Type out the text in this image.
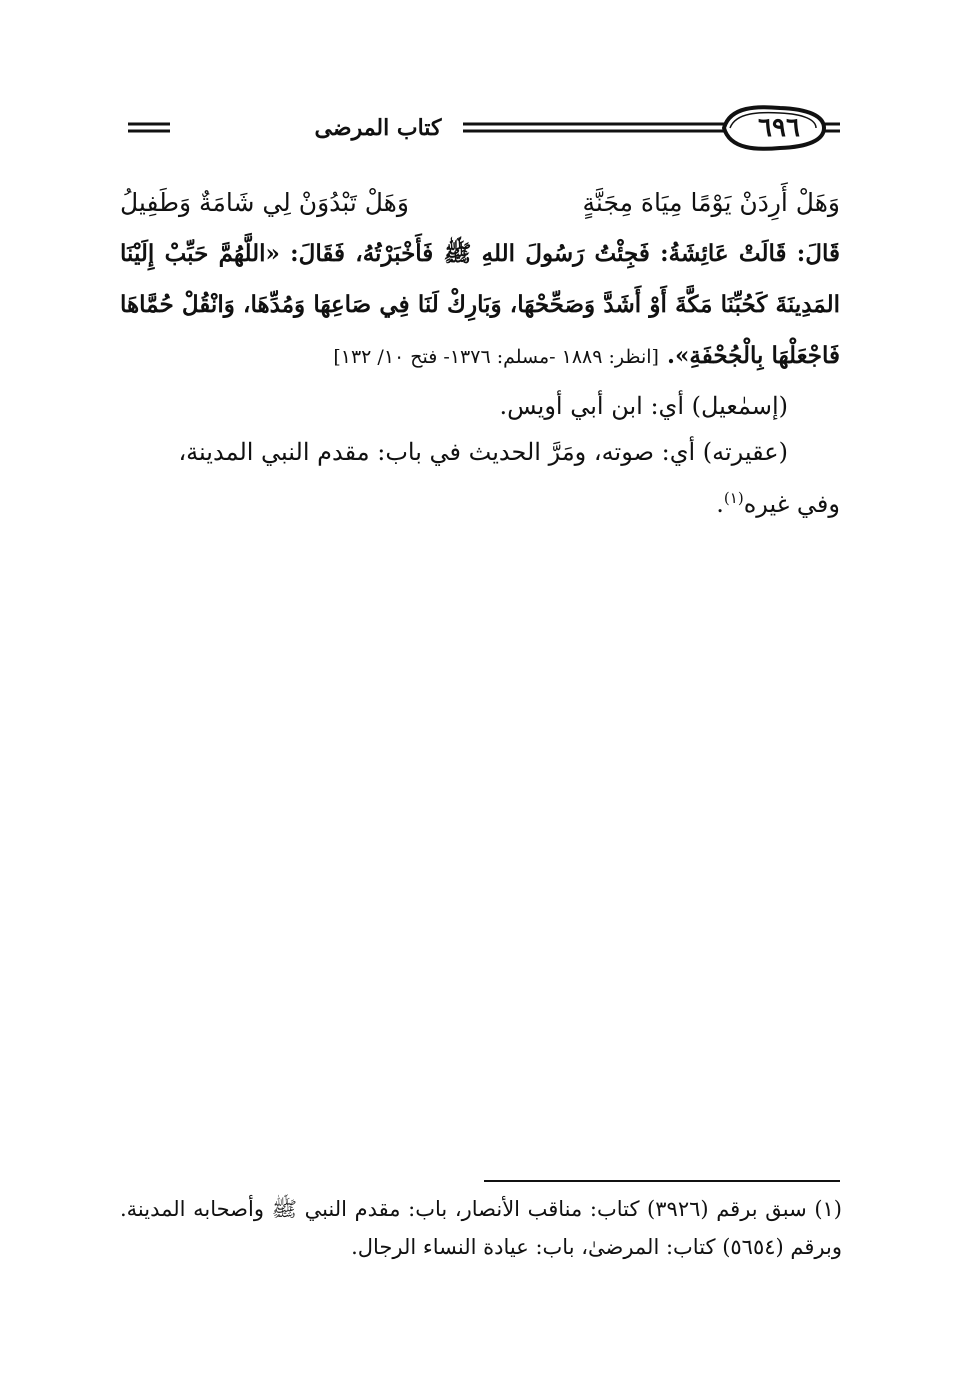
٦٩٦
كتاب المرضى
وَهَلْ أَرِدَنْ يَوْمًا مِيَاهَ مِجَنَّةٍ
وَهَلْ تَبْدُوَنْ لِي شَامَةٌ وَطَفِيلُ

قَالَ: قَالَتْ عَائِشَةُ: فَجِئْتُ رَسُولَ اللهِ ﷺ فَأَخْبَرْتُهُ، فَقَالَ: «اللَّهُمَّ حَبِّبْ إِلَيْنَا المَدِينَةَ كَحُبِّنَا مَكَّةَ أَوْ أَشَدَّ وَصَحِّحْهَا، وَبَارِكْ لَنَا فِي صَاعِهَا وَمُدِّهَا، وَانْقُلْ حُمَّاهَا فَاجْعَلْهَا بِالْجُحْفَةِ». [انظر: ١٨٨٩ -مسلم: ١٣٧٦- فتح ١٠/ ١٣٢]

(إسمٰعيل) أي: ابن أبي أويس.

(عقيرته) أي: صوته، ومَرَّ الحديث في باب: مقدم النبي المدينة،

وفي غيره$^{(١)}$.

(١) سبق برقم (٣٩٢٦) كتاب: مناقب الأنصار، باب: مقدم النبي ﷺ وأصحابه المدينة. وبرقم (٥٦٥٤) كتاب: المرضىٰ، باب: عيادة النساء الرجال.
